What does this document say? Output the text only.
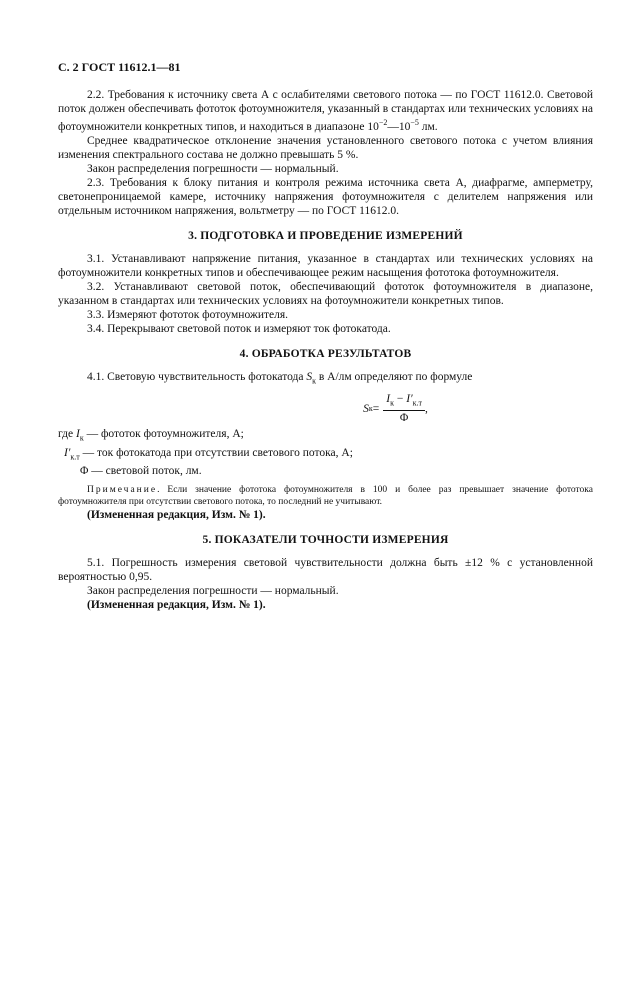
С. 2 ГОСТ 11612.1—81

2.2. Требования к источнику света А с ослабителями светового потока — по ГОСТ 11612.0. Световой поток должен обеспечивать фототок фотоумножителя, указанный в стандартах или технических условиях на фотоумножители конкретных типов, и находиться в диапазоне $10^{-2}—10^{-5}$ лм.

Среднее квадратическое отклонение значения установленного светового потока с учетом влияния изменения спектрального состава не должно превышать 5 %.

Закон распределения погрешности — нормальный.

2.3. Требования к блоку питания и контроля режима источника света А, диафрагме, амперметру, светонепроницаемой камере, источнику напряжения фотоумножителя с делителем напряжения или отдельным источником напряжения, вольтметру — по ГОСТ 11612.0.

3. ПОДГОТОВКА И ПРОВЕДЕНИЕ ИЗМЕРЕНИЙ

3.1. Устанавливают напряжение питания, указанное в стандартах или технических условиях на фотоумножители конкретных типов и обеспечивающее режим насыщения фототока фотоумножителя.

3.2. Устанавливают световой поток, обеспечивающий фототок фотоумножителя в диапазоне, указанном в стандартах или технических условиях на фотоумножители конкретных типов.

3.3. Измеряют фототок фотоумножителя.

3.4. Перекрывают световой поток и измеряют ток фотокатода.

4. ОБРАБОТКА РЕЗУЛЬТАТОВ

4.1. Световую чувствительность фотокатода $S_к$ в А/лм определяют по формуле

S $к = \frac{I_к - I'_{к.т}}{\Phi}$ ,

где $I_к$ — фототок фотоумножителя, А;

$I'_{к.т}$ — ток фотокатода при отсутствии светового потока, А;

Φ — световой поток, лм.

Примечание. Если значение фототока фотоумножителя в 100 и более раз превышает значение фототока фотоумножителя при отсутствии светового потока, то последний не учитывают.

(Измененная редакция, Изм. № 1).

5. ПОКАЗАТЕЛИ ТОЧНОСТИ ИЗМЕРЕНИЯ

5.1. Погрешность измерения световой чувствительности должна быть ±12 % с установленной вероятностью 0,95.

Закон распределения погрешности — нормальный.

(Измененная редакция, Изм. № 1).
